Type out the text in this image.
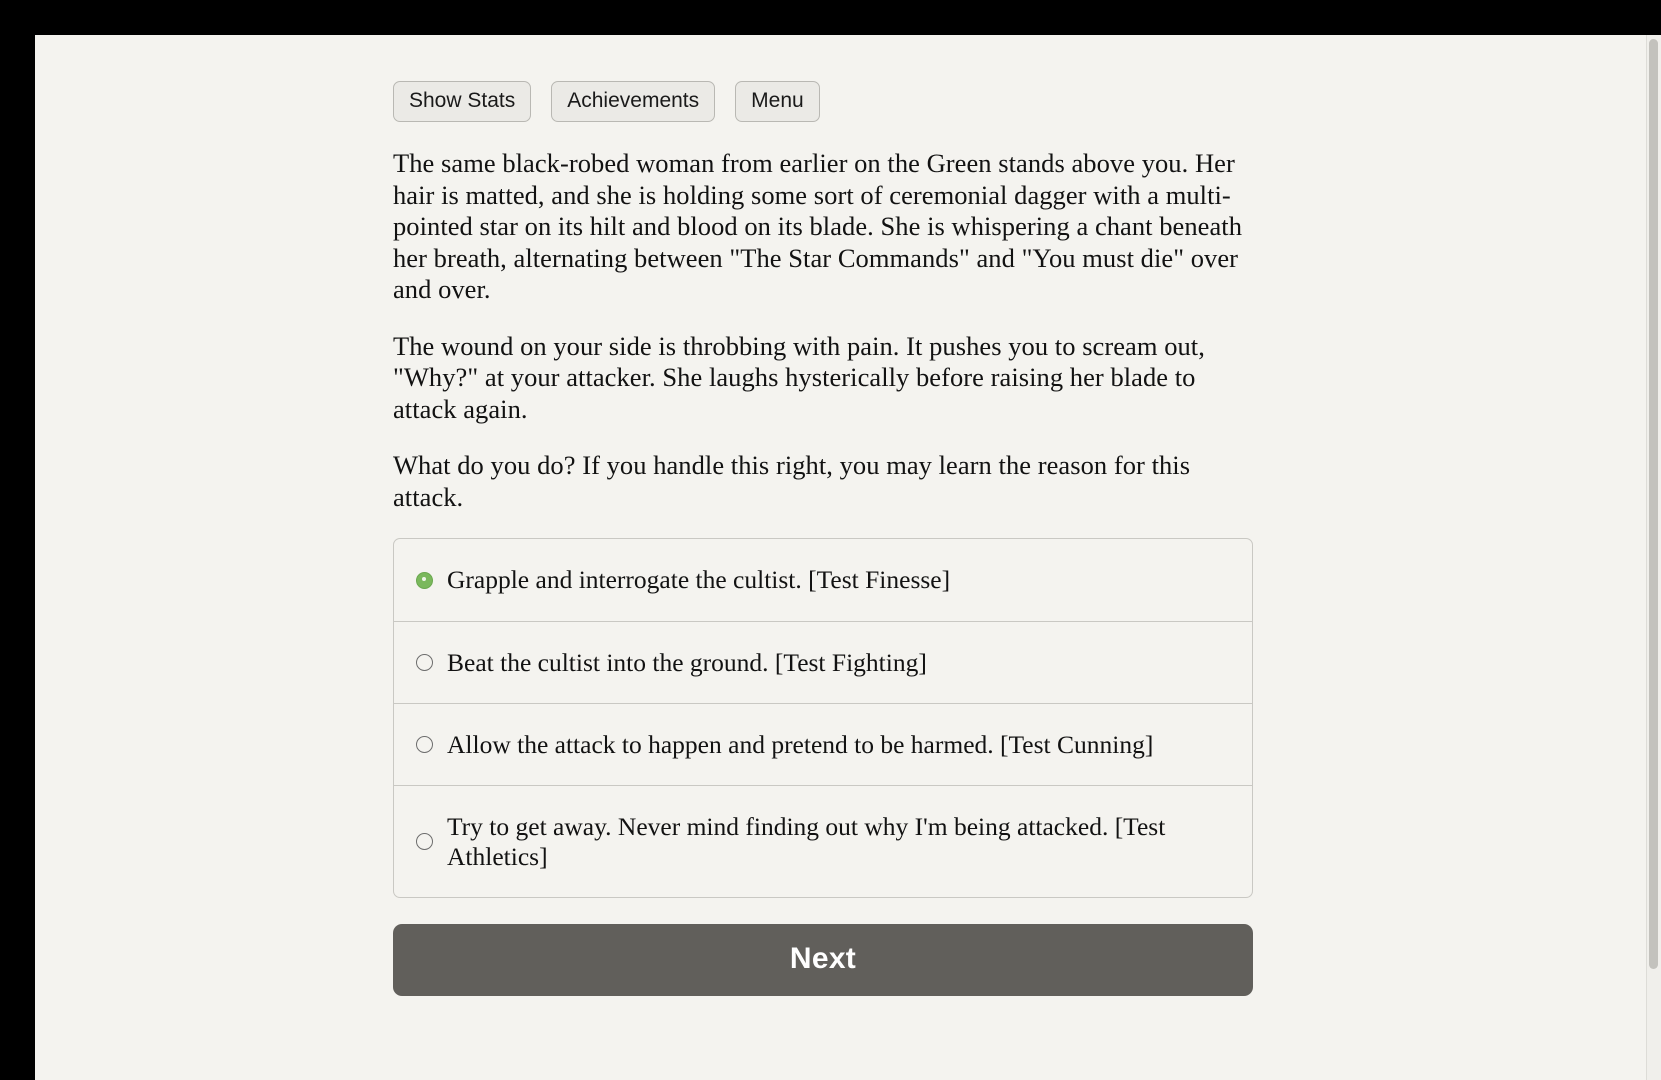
Show Stats	Achievements	Menu

The same black-robed woman from earlier on the Green stands above you. Her hair is matted, and she is holding some sort of ceremonial dagger with a multi-pointed star on its hilt and blood on its blade. She is whispering a chant beneath her breath, alternating between "The Star Commands" and "You must die" over and over.

The wound on your side is throbbing with pain. It pushes you to scream out, "Why?" at your attacker. She laughs hysterically before raising her blade to attack again.

What do you do? If you handle this right, you may learn the reason for this attack.

Grapple and interrogate the cultist. [Test Finesse]
Beat the cultist into the ground. [Test Fighting]
Allow the attack to happen and pretend to be harmed. [Test Cunning]
Try to get away. Never mind finding out why I'm being attacked. [Test Athletics]
Next
